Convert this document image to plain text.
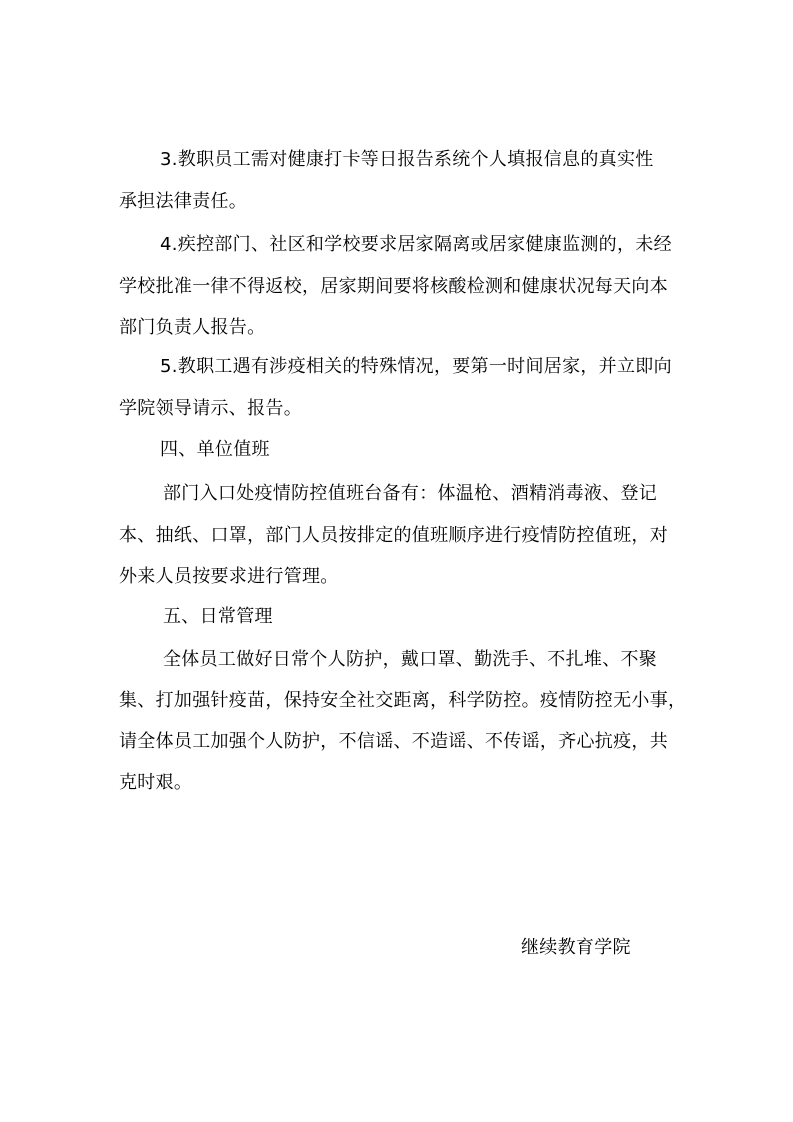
3.教职员工需对健康打卡等日报告系统个人填报信息的真实性
承担法律责任。
4.疾控部门、社区和学校要求居家隔离或居家健康监测的，未经
学校批准一律不得返校，居家期间要将核酸检测和健康状况每天向本
部门负责人报告。
5.教职工遇有涉疫相关的特殊情况，要第一时间居家，并立即向
学院领导请示、报告。
四、单位值班
部门入口处疫情防控值班台备有：体温枪、酒精消毒液、登记
本、抽纸、口罩，部门人员按排定的值班顺序进行疫情防控值班，对
外来人员按要求进行管理。
五、日常管理
全体员工做好日常个人防护，戴口罩、勤洗手、不扎堆、不聚
集、打加强针疫苗，保持安全社交距离，科学防控。疫情防控无小事，
请全体员工加强个人防护，不信谣、不造谣、不传谣，齐心抗疫，共
克时艰。
继续教育学院
